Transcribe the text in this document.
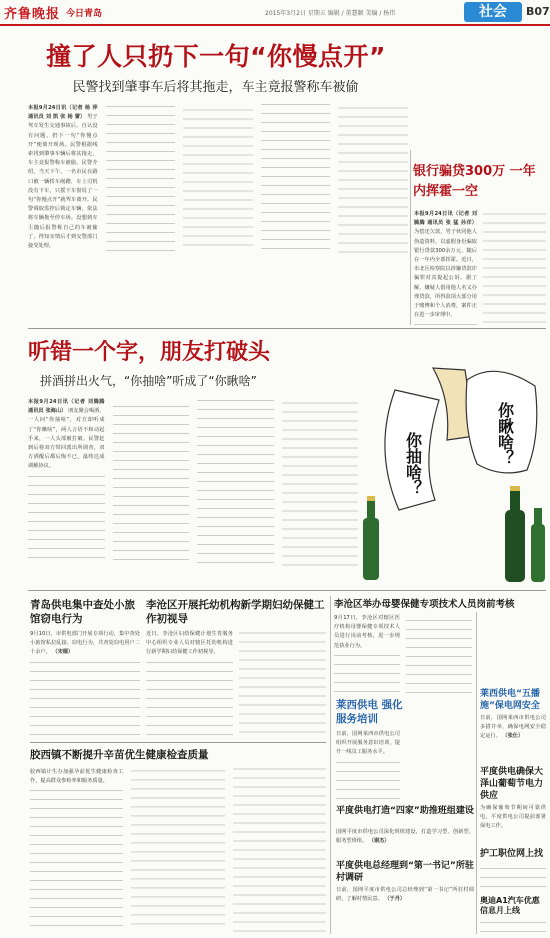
齐鲁晚报 今日青岛	2015年3月2日 星期五 编辑 / 董慧颖 美编 / 杨伟	社会	B07
撞了人只扔下一句“你慢点开”
民警找到肇事车后将其拖走，车主竟报警称车被偷
本报9月24日讯（记者 杨 萍 通讯员 刘 凯 张 杨 蕾） 男子驾车发生交通事故后，自认没有问题，扔下一句“你慢点开”便离开现场。民警根据线索找到肇事车辆后将其拖走，车主竟报警称车被偷。民警介绍，当天下午，一名市民在路口被一辆轿车剐蹭，车上司机没有下车，只摇下车窗说了一句“你慢点开”就驾车离开。民警调取监控后锁定车辆，依法将车辆拖至停车场。没想到车主随后报警称自己的车被偷了，得知实情后才到交警部门接受处理。
银行骗贷300万 一年内挥霍一空
本报9月24日讯（记者 刘腾腾 通讯员 张 猛 孙洋） 为偿还欠款，男子伙同他人伪造资料，以虚假身份骗取银行贷款300余万元，随后在一年内全部挥霍。近日，市北区检察院以涉嫌贷款诈骗罪对其提起公诉。据了解，嫌疑人借用他人名义办理贷款，所得款项大部分用于赌博和个人消费，案件正在进一步审理中。
听错一个字，朋友打破头
拼酒拼出火气，“你抽啥”听成了“你瞅啥”
本报9月24日讯（记者 刘腾腾 通讯员 张海山） 朋友聚会喝酒，一人问“你抽啥”，对方却听成了“你瞅啥”，两人言语不和动起手来，一人头部被打破。民警赶到后将双方带回派出所调查，双方酒醒后都后悔不已，最终达成调解协议。	你抽啥？	你瞅啥？
青岛供电集中查处小旅馆窃电行为
9月10日，市供电部门开展专项行动，集中查处小旅馆私拉乱接、窃电行为，共查处窃电用户二十余户。 （宋德）
李沧区开展托幼机构新学期妇幼保健工作初视导
近日，李沧区妇幼保健计划生育服务中心组织专业人员对辖区托幼机构进行新学期妇幼保健工作初视导。
李沧区举办母婴保健专项技术人员岗前考核
9月17日，李沧区对辖区医疗机构母婴保健专项技术人员进行岗前考核，进一步规范执业行为。
胶西镇不断提升辛苗优生健康检查质量
胶西镇计生办加强孕前优生健康检查工作，提高群众参检率和服务质量。
莱西供电 强化服务培训
日前，国网莱西市供电公司组织开展服务意识培训，提升一线员工服务水平。
平度供电打造“四家”助推班组建设
国网平度市供电公司深化班组建设，打造学习型、创新型、服务型班组。 （谢杰）
平度供电总经理到“第一书记”所驻村调研
日前，国网平度市供电公司总经理到“第一书记”所驻村调研，了解村情民意。 （于丹）
莱西供电“五播施”保电网安全
日前，国网莱西市供电公司多措并举，确保电网安全稳定运行。 （张仕）
平度供电确保大泽山葡萄节电力供应
为确保葡萄节期间可靠供电，平度供电公司提前部署保电工作。
护工职位网上找
奥迪A1汽车优惠信息月上线
